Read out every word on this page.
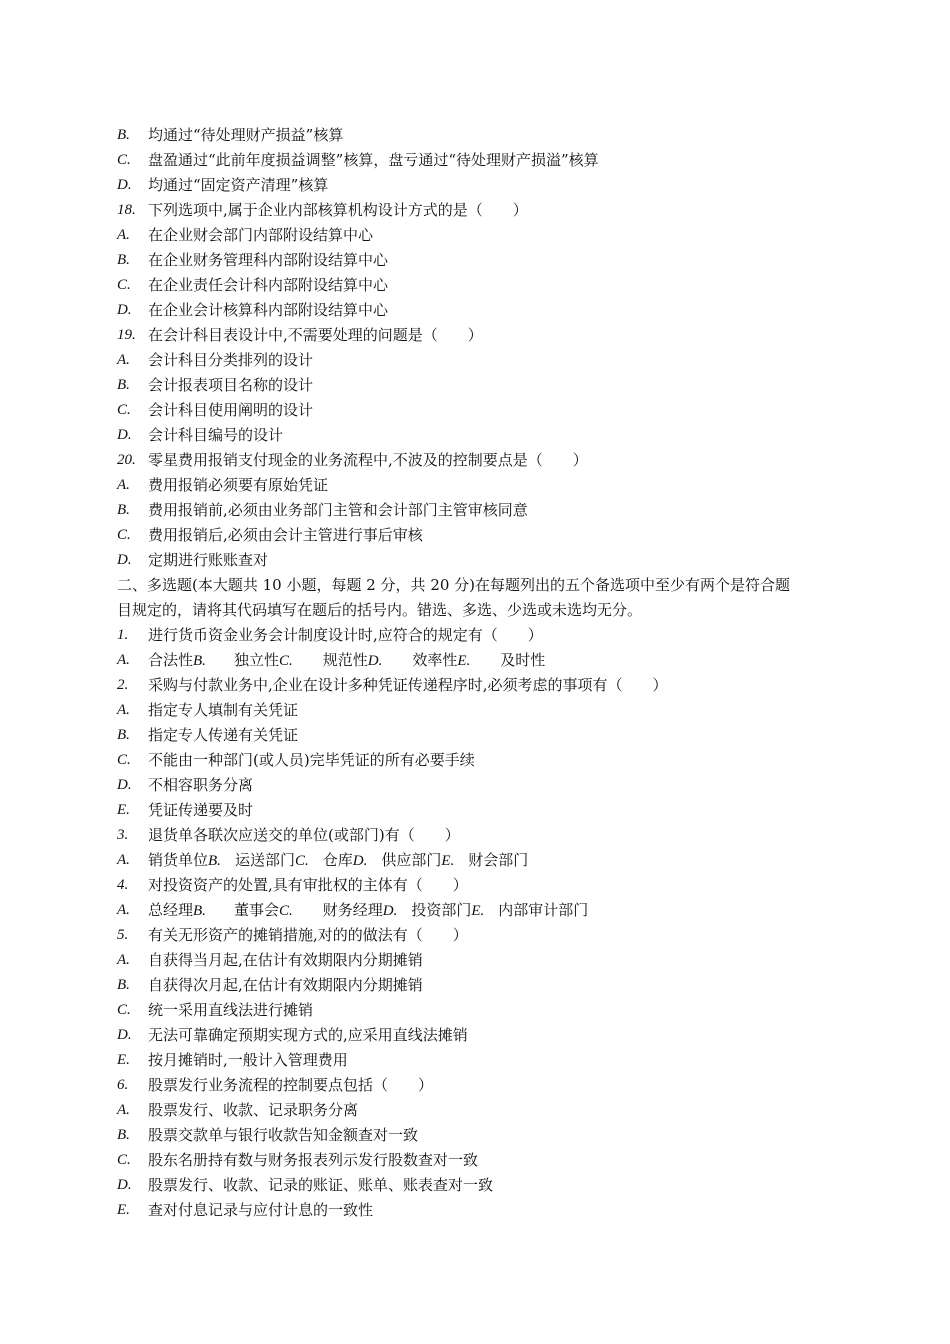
B. 均通过“待处理财产损益”核算
C. 盘盈通过“此前年度损益调整”核算，盘亏通过“待处理财产损溢”核算
D. 均通过“固定资产清理”核算
18. 下列选项中,属于企业内部核算机构设计方式的是（　　）
A. 在企业财会部门内部附设结算中心
B. 在企业财务管理科内部附设结算中心
C. 在企业责任会计科内部附设结算中心
D. 在企业会计核算科内部附设结算中心
19. 在会计科目表设计中,不需要处理的问题是（　　）
A. 会计科目分类排列的设计
B. 会计报表项目名称的设计
C. 会计科目使用阐明的设计
D. 会计科目编号的设计
20. 零星费用报销支付现金的业务流程中,不波及的控制要点是（　　）
A. 费用报销必须要有原始凭证
B. 费用报销前,必须由业务部门主管和会计部门主管审核同意
C. 费用报销后,必须由会计主管进行事后审核
D. 定期进行账账查对
二、多选题(本大题共 10 小题，每题 2 分，共 20 分)在每题列出的五个备选项中至少有两个是符合题
目规定的，请将其代码填写在题后的括号内。错选、多选、少选或未选均无分。
1. 进行货币资金业务会计制度设计时,应符合的规定有（　　）
A. 合法性B. 独立性C. 规范性D. 效率性E. 及时性
2. 采购与付款业务中,企业在设计多种凭证传递程序时,必须考虑的事项有（　　）
A. 指定专人填制有关凭证
B. 指定专人传递有关凭证
C. 不能由一种部门(或人员)完毕凭证的所有必要手续
D. 不相容职务分离
E. 凭证传递要及时
3. 退货单各联次应送交的单位(或部门)有（　　）
A. 销货单位B. 运送部门C. 仓库D. 供应部门E. 财会部门
4. 对投资资产的处置,具有审批权的主体有（　　）
A. 总经理B. 董事会C. 财务经理D. 投资部门E. 内部审计部门
5. 有关无形资产的摊销措施,对的的做法有（　　）
A. 自获得当月起,在估计有效期限内分期摊销
B. 自获得次月起,在估计有效期限内分期摊销
C. 统一采用直线法进行摊销
D. 无法可靠确定预期实现方式的,应采用直线法摊销
E. 按月摊销时,一般计入管理费用
6. 股票发行业务流程的控制要点包括（　　）
A. 股票发行、收款、记录职务分离
B. 股票交款单与银行收款告知金额查对一致
C. 股东名册持有数与财务报表列示发行股数查对一致
D. 股票发行、收款、记录的账证、账单、账表查对一致
E. 查对付息记录与应付计息的一致性
